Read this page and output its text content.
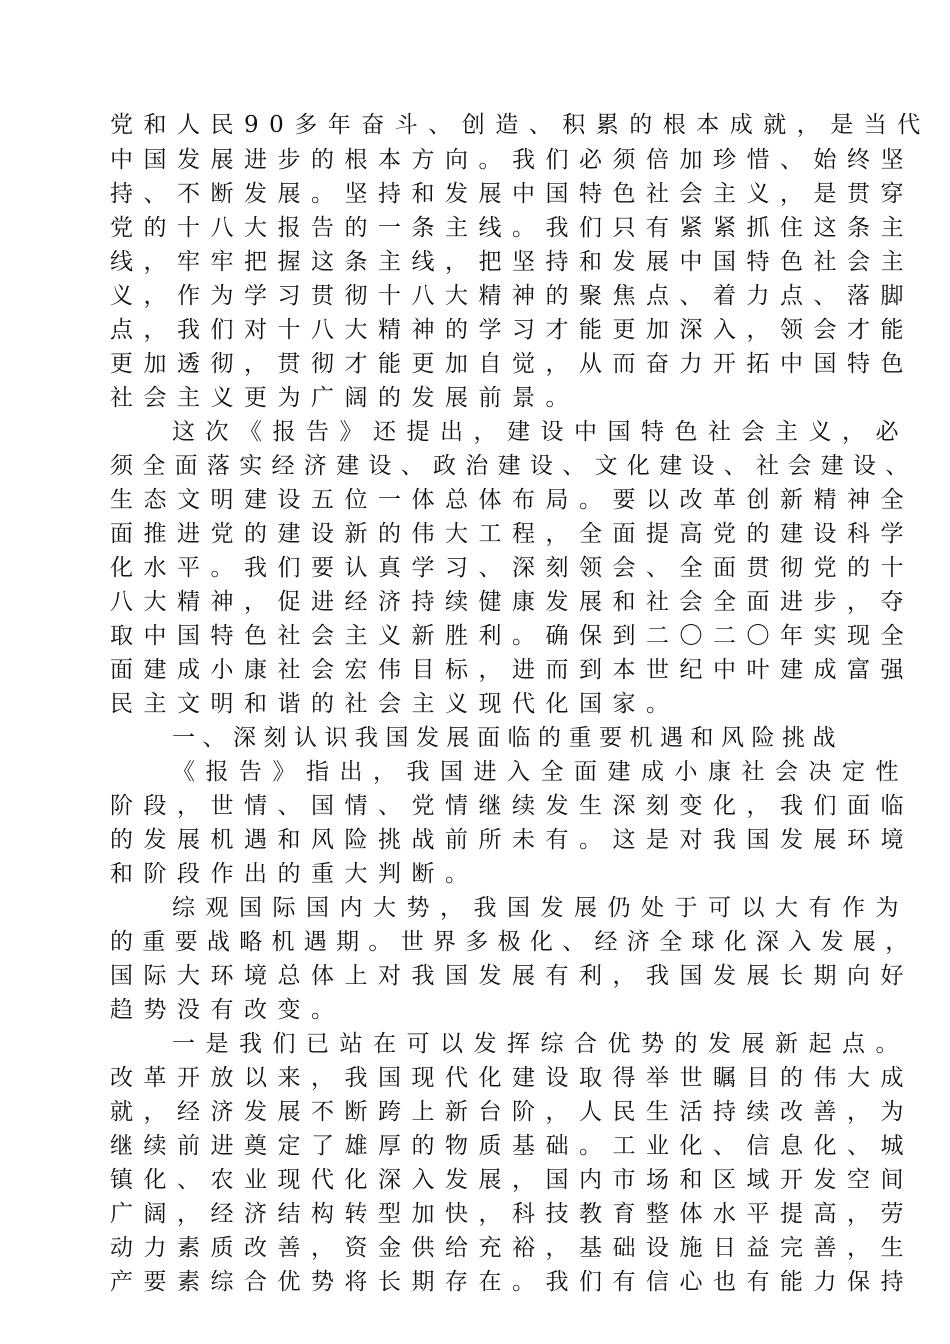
党和人民90多年奋斗、创造、积累的根本成就，是当代
中国发展进步的根本方向。我们必须倍加珍惜、始终坚
持、不断发展。坚持和发展中国特色社会主义，是贯穿
党的十八大报告的一条主线。我们只有紧紧抓住这条主
线，牢牢把握这条主线，把坚持和发展中国特色社会主
义，作为学习贯彻十八大精神的聚焦点、着力点、落脚
点，我们对十八大精神的学习才能更加深入，领会才能
更加透彻，贯彻才能更加自觉，从而奋力开拓中国特色
社会主义更为广阔的发展前景。
这次《报告》还提出，建设中国特色社会主义，必
须全面落实经济建设、政治建设、文化建设、社会建设、
生态文明建设五位一体总体布局。要以改革创新精神全
面推进党的建设新的伟大工程，全面提高党的建设科学
化水平。我们要认真学习、深刻领会、全面贯彻党的十
八大精神，促进经济持续健康发展和社会全面进步，夺
取中国特色社会主义新胜利。确保到二〇二〇年实现全
面建成小康社会宏伟目标，进而到本世纪中叶建成富强
民主文明和谐的社会主义现代化国家。
一、深刻认识我国发展面临的重要机遇和风险挑战
《报告》指出，我国进入全面建成小康社会决定性
阶段，世情、国情、党情继续发生深刻变化，我们面临
的发展机遇和风险挑战前所未有。这是对我国发展环境
和阶段作出的重大判断。
综观国际国内大势，我国发展仍处于可以大有作为
的重要战略机遇期。世界多极化、经济全球化深入发展，
国际大环境总体上对我国发展有利，我国发展长期向好
趋势没有改变。
一是我们已站在可以发挥综合优势的发展新起点。
改革开放以来，我国现代化建设取得举世瞩目的伟大成
就，经济发展不断跨上新台阶，人民生活持续改善，为
继续前进奠定了雄厚的物质基础。工业化、信息化、城
镇化、农业现代化深入发展，国内市场和区域开发空间
广阔，经济结构转型加快，科技教育整体水平提高，劳
动力素质改善，资金供给充裕，基础设施日益完善，生
产要素综合优势将长期存在。我们有信心也有能力保持
